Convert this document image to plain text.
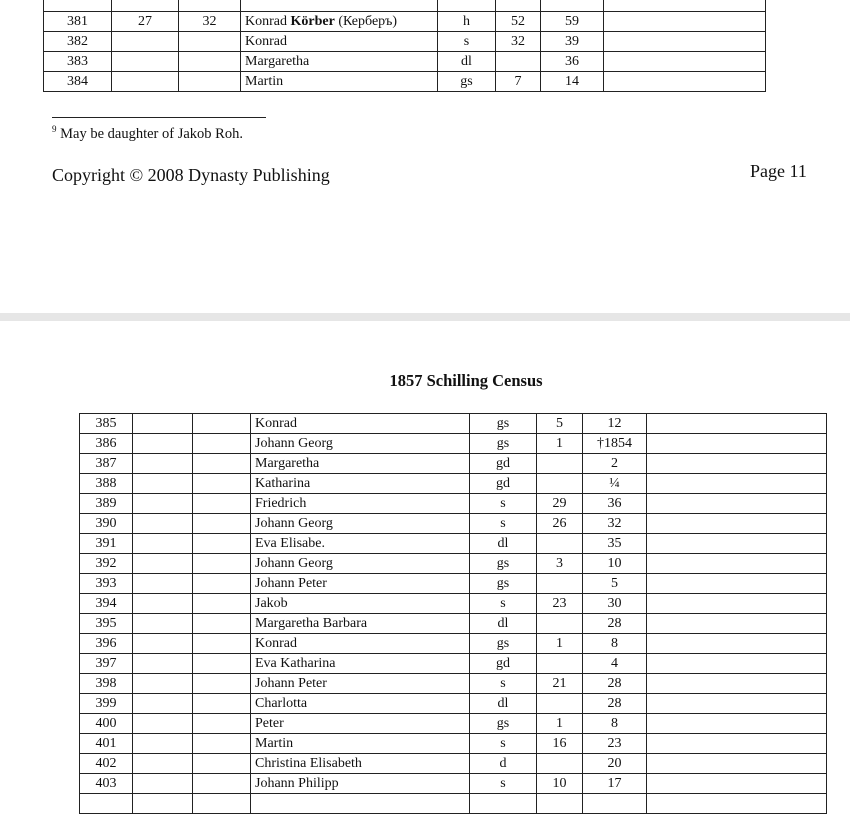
381	27	32	Konrad Körber (Керберъ)	h	52	59	
382			Konrad	s	32	39	
383			Margaretha	dl		36	
384			Martin	gs	7	14	
$^9$ May be daughter of Jakob Roh.
Copyright © 2008 Dynasty Publishing	Page 11
1857 Schilling Census
385			Konrad	gs	5	12	
386			Johann Georg	gs	1	†1854	
387			Margaretha	gd		2	
388			Katharina	gd		¼	
389			Friedrich	s	29	36	
390			Johann Georg	s	26	32	
391			Eva Elisabe.	dl		35	
392			Johann Georg	gs	3	10	
393			Johann Peter	gs		5	
394			Jakob	s	23	30	
395			Margaretha Barbara	dl		28	
396			Konrad	gs	1	8	
397			Eva Katharina	gd		4	
398			Johann Peter	s	21	28	
399			Charlotta	dl		28	
400			Peter	gs	1	8	
401			Martin	s	16	23	
402			Christina Elisabeth	d		20	
403			Johann Philipp	s	10	17	
